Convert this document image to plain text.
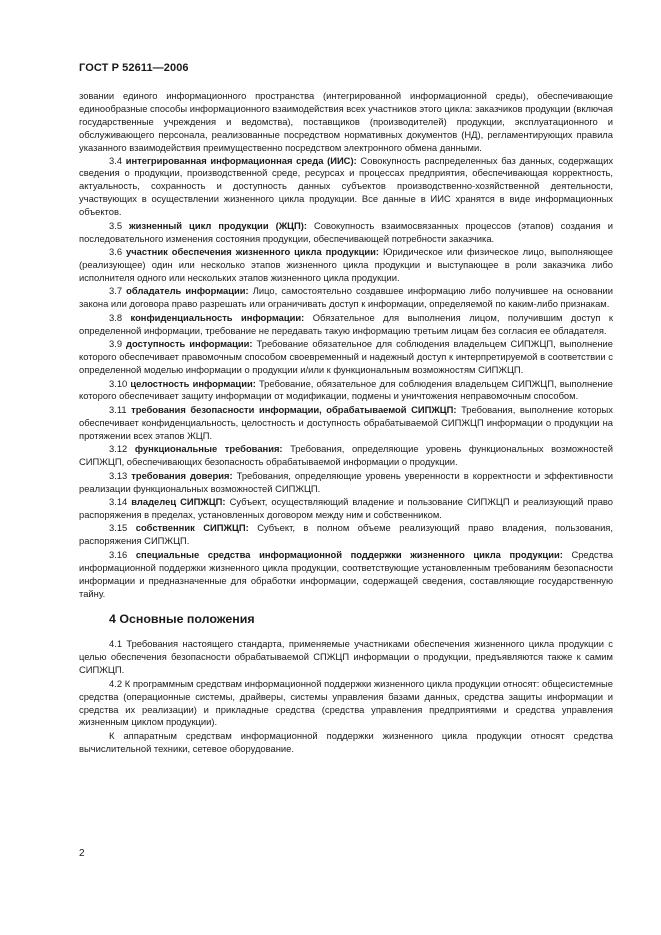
ГОСТ Р 52611—2006

зовании единого информационного пространства (интегрированной информационной среды), обеспечивающие единообразные способы информационного взаимодействия всех участников этого цикла: заказчиков продукции (включая государственные учреждения и ведомства), поставщиков (производителей) продукции, эксплуатационного и обслуживающего персонала, реализованные посредством нормативных документов (НД), регламентирующих правила указанного взаимодействия преимущественно посредством электронного обмена данными.

3.4 интегрированная информационная среда (ИИС): Совокупность распределенных баз данных, содержащих сведения о продукции, производственной среде, ресурсах и процессах предприятия, обеспечивающая корректность, актуальность, сохранность и доступность данных субъектов производственно-хозяйственной деятельности, участвующих в осуществлении жизненного цикла продукции. Все данные в ИИС хранятся в виде информационных объектов.

3.5 жизненный цикл продукции (ЖЦП): Совокупность взаимосвязанных процессов (этапов) создания и последовательного изменения состояния продукции, обеспечивающей потребности заказчика.

3.6 участник обеспечения жизненного цикла продукции: Юридическое или физическое лицо, выполняющее (реализующее) один или несколько этапов жизненного цикла продукции и выступающее в роли заказчика либо исполнителя одного или нескольких этапов жизненного цикла продукции.

3.7 обладатель информации: Лицо, самостоятельно создавшее информацию либо получившее на основании закона или договора право разрешать или ограничивать доступ к информации, определяемой по каким-либо признакам.

3.8 конфиденциальность информации: Обязательное для выполнения лицом, получившим доступ к определенной информации, требование не передавать такую информацию третьим лицам без согласия ее обладателя.

3.9 доступность информации: Требование обязательное для соблюдения владельцем СИПЖЦП, выполнение которого обеспечивает правомочным способом своевременный и надежный доступ к интерпретируемой в соответствии с определенной моделью информации о продукции и/или к функциональным возможностям СИПЖЦП.

3.10 целостность информации: Требование, обязательное для соблюдения владельцем СИПЖЦП, выполнение которого обеспечивает защиту информации от модификации, подмены и уничтожения неправомочным способом.

3.11 требования безопасности информации, обрабатываемой СИПЖЦП: Требования, выполнение которых обеспечивает конфиденциальность, целостность и доступность обрабатываемой СИПЖЦП информации о продукции на протяжении всех этапов ЖЦП.

3.12 функциональные требования: Требования, определяющие уровень функциональных возможностей СИПЖЦП, обеспечивающих безопасность обрабатываемой информации о продукции.

3.13 требования доверия: Требования, определяющие уровень уверенности в корректности и эффективности реализации функциональных возможностей СИПЖЦП.

3.14 владелец СИПЖЦП: Субъект, осуществляющий владение и пользование СИПЖЦП и реализующий право распоряжения в пределах, установленных договором между ним и собственником.

3.15 собственник СИПЖЦП: Субъект, в полном объеме реализующий право владения, пользования, распоряжения СИПЖЦП.

3.16 специальные средства информационной поддержки жизненного цикла продукции: Средства информационной поддержки жизненного цикла продукции, соответствующие установленным требованиям безопасности информации и предназначенные для обработки информации, содержащей сведения, составляющие государственную тайну.

4 Основные положения

4.1 Требования настоящего стандарта, применяемые участниками обеспечения жизненного цикла продукции с целью обеспечения безопасности обрабатываемой СПЖЦП информации о продукции, предъявляются также к самим СИПЖЦП.

4.2 К программным средствам информационной поддержки жизненного цикла продукции относят: общесистемные средства (операционные системы, драйверы, системы управления базами данных, средства защиты информации и средства их реализации) и прикладные средства (средства управления предприятиями и средства управления жизненным циклом продукции).

К аппаратным средствам информационной поддержки жизненного цикла продукции относят средства вычислительной техники, сетевое оборудование.

2
